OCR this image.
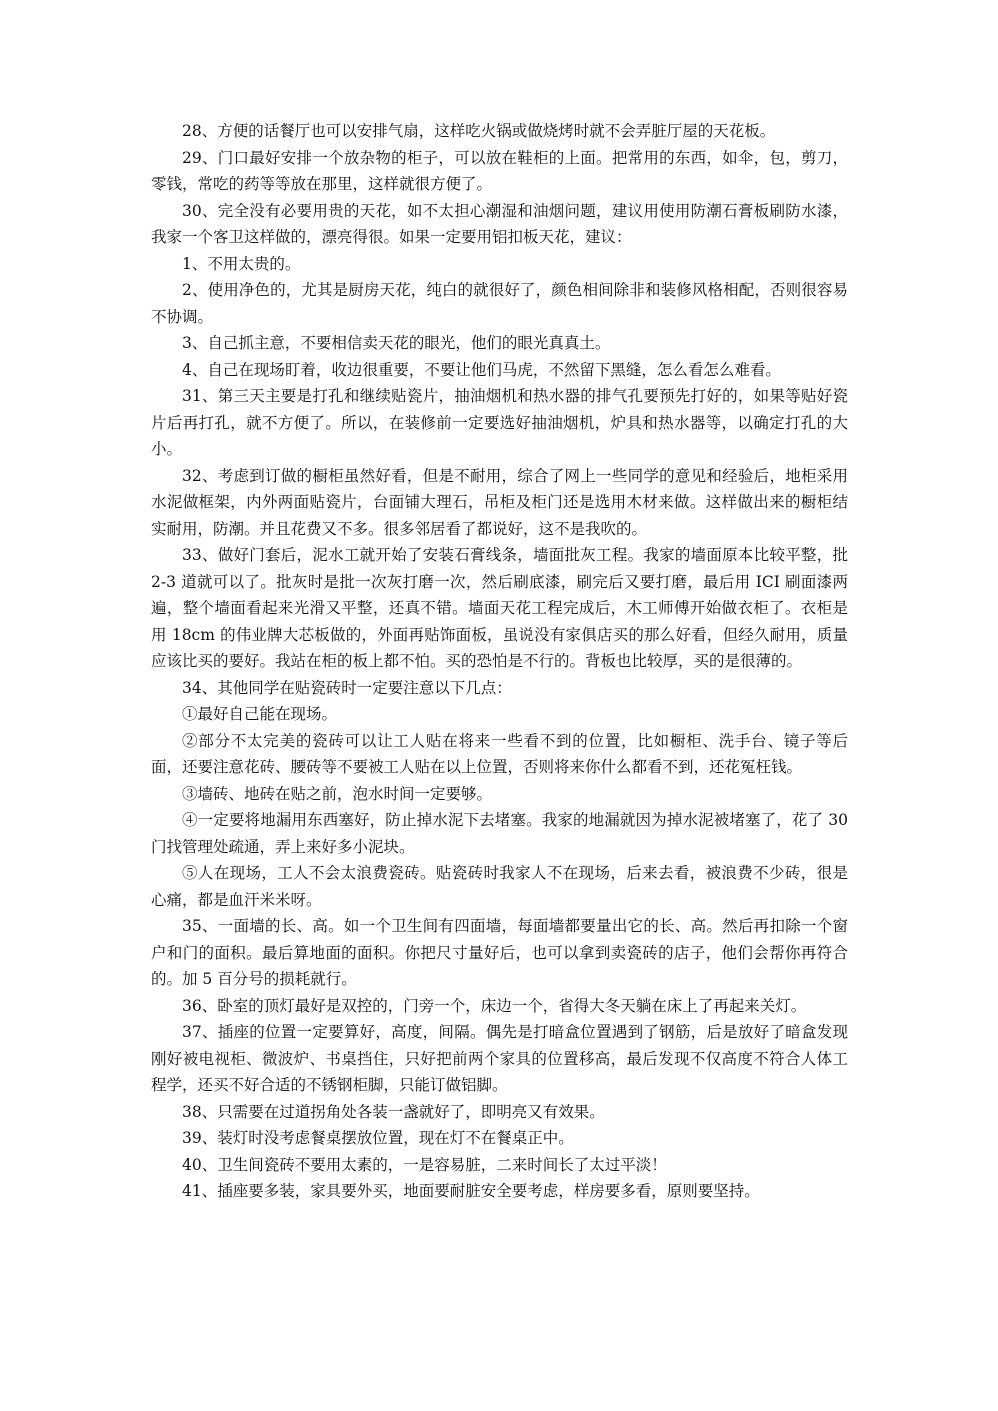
28、方便的话餐厅也可以安排气扇，这样吃火锅或做烧烤时就不会弄脏厅屋的天花板。

29、门口最好安排一个放杂物的柜子，可以放在鞋柜的上面。把常用的东西，如伞，包，剪刀，零钱，常吃的药等等放在那里，这样就很方便了。

30、完全没有必要用贵的天花，如不太担心潮湿和油烟问题，建议用使用防潮石膏板刷防水漆，我家一个客卫这样做的，漂亮得很。如果一定要用铝扣板天花，建议：

1、不用太贵的。

2、使用净色的，尤其是厨房天花，纯白的就很好了，颜色相间除非和装修风格相配，否则很容易不协调。

3、自己抓主意，不要相信卖天花的眼光，他们的眼光真真土。

4、自己在现场盯着，收边很重要，不要让他们马虎，不然留下黑缝，怎么看怎么难看。

31、第三天主要是打孔和继续贴瓷片，抽油烟机和热水器的排气孔要预先打好的，如果等贴好瓷片后再打孔，就不方便了。所以，在装修前一定要选好抽油烟机，炉具和热水器等，以确定打孔的大小。

32、考虑到订做的橱柜虽然好看，但是不耐用，综合了网上一些同学的意见和经验后，地柜采用水泥做框架，内外两面贴瓷片，台面铺大理石，吊柜及柜门还是选用木材来做。这样做出来的橱柜结实耐用，防潮。并且花费又不多。很多邻居看了都说好，这不是我吹的。

33、做好门套后，泥水工就开始了安装石膏线条，墙面批灰工程。我家的墙面原本比较平整，批 2-3 道就可以了。批灰时是批一次灰打磨一次，然后刷底漆，刷完后又要打磨，最后用 ICI 刷面漆两遍，整个墙面看起来光滑又平整，还真不错。墙面天花工程完成后，木工师傅开始做衣柜了。衣柜是用 18cm 的伟业牌大芯板做的，外面再贴饰面板，虽说没有家俱店买的那么好看，但经久耐用，质量应该比买的要好。我站在柜的板上都不怕。买的恐怕是不行的。背板也比较厚，买的是很薄的。

34、其他同学在贴瓷砖时一定要注意以下几点：

①最好自己能在现场。

②部分不太完美的瓷砖可以让工人贴在将来一些看不到的位置，比如橱柜、洗手台、镜子等后面，还要注意花砖、腰砖等不要被工人贴在以上位置，否则将来你什么都看不到，还花冤枉钱。

③墙砖、地砖在贴之前，泡水时间一定要够。

④一定要将地漏用东西塞好，防止掉水泥下去堵塞。我家的地漏就因为掉水泥被堵塞了，花了 30 门找管理处疏通，弄上来好多小泥块。

⑤人在现场，工人不会太浪费瓷砖。贴瓷砖时我家人不在现场，后来去看，被浪费不少砖，很是心痛，都是血汗米米呀。

35、一面墙的长、高。如一个卫生间有四面墙，每面墙都要量出它的长、高。然后再扣除一个窗户和门的面积。最后算地面的面积。你把尺寸量好后，也可以拿到卖瓷砖的店子，他们会帮你再符合的。加 5 百分号的损耗就行。

36、卧室的顶灯最好是双控的，门旁一个，床边一个，省得大冬天躺在床上了再起来关灯。

37、插座的位置一定要算好，高度，间隔。偶先是打暗盒位置遇到了钢筋，后是放好了暗盒发现刚好被电视柜、微波炉、书桌挡住，只好把前两个家具的位置移高，最后发现不仅高度不符合人体工程学，还买不好合适的不锈钢柜脚，只能订做铝脚。

38、只需要在过道拐角处各装一盏就好了，即明亮又有效果。

39、装灯时没考虑餐桌摆放位置，现在灯不在餐桌正中。

40、卫生间瓷砖不要用太素的，一是容易脏，二来时间长了太过平淡！

41、插座要多装，家具要外买，地面要耐脏安全要考虑，样房要多看，原则要坚持。
